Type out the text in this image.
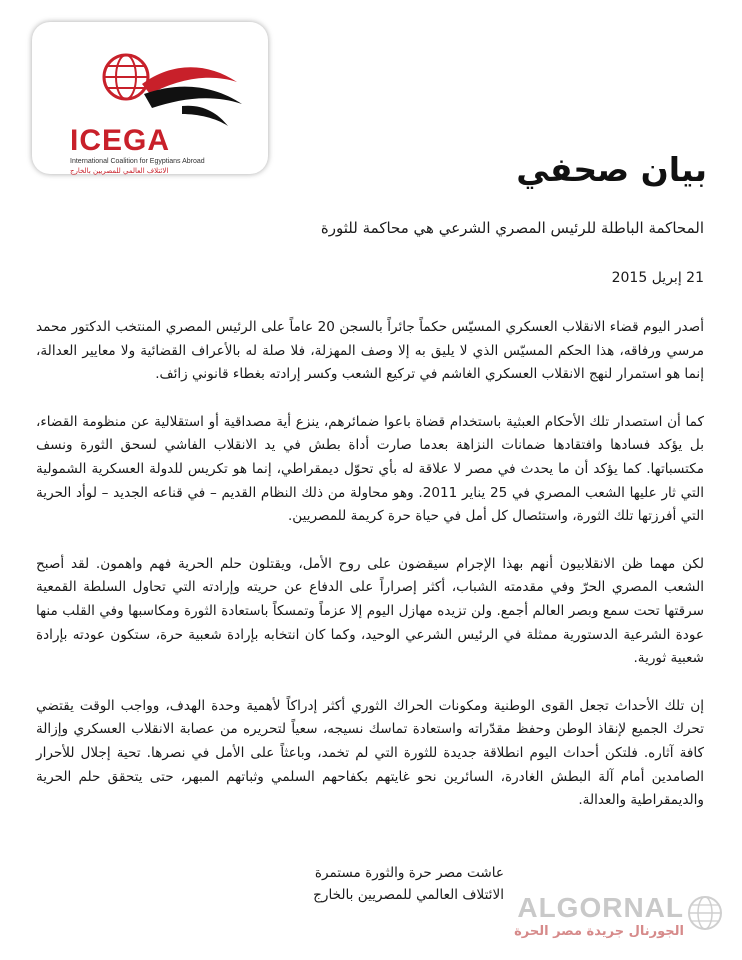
ICEGA
International Coalition for Egyptians Abroad
الائتلاف العالمي للمصريين بالخارج	بيان صحفي
المحاكمة الباطلة للرئيس المصري الشرعي هي محاكمة للثورة
21 إبريل 2015

أصدر اليوم قضاء الانقلاب العسكري المسيّس حكماً جائراً بالسجن 20 عاماً على الرئيس المصري المنتخب الدكتور محمد مرسي ورفاقه، هذا الحكم المسيّس الذي لا يليق به إلا وصف المهزلة، فلا صلة له بالأعراف القضائية ولا معايير العدالة، إنما هو استمرار لنهج الانقلاب العسكري الغاشم في تركيع الشعب وكسر إرادته بغطاء قانوني زائف.

كما أن استصدار تلك الأحكام العبثية باستخدام قضاة باعوا ضمائرهم، ينزع أية مصداقية أو استقلالية عن منظومة القضاء، بل يؤكد فسادها وافتقادها ضمانات النزاهة بعدما صارت أداة بطش في يد الانقلاب الفاشي لسحق الثورة ونسف مكتسباتها. كما يؤكد أن ما يحدث في مصر لا علاقة له بأي تحوّل ديمقراطي، إنما هو تكريس للدولة العسكرية الشمولية التي ثار عليها الشعب المصري في 25 يناير 2011. وهو محاولة من ذلك النظام القديم – في قناعه الجديد – لوأد الحرية التي أفرزتها تلك الثورة، واستئصال كل أمل في حياة حرة كريمة للمصريين.

لكن مهما ظن الانقلابيون أنهم بهذا الإجرام سيقضون على روح الأمل، ويقتلون حلم الحرية فهم واهمون. لقد أصبح الشعب المصري الحرّ وفي مقدمته الشباب، أكثر إصراراً على الدفاع عن حريته وإرادته التي تحاول السلطة القمعية سرقتها تحت سمع وبصر العالم أجمع. ولن تزيده مهازل اليوم إلا عزماً وتمسكاً باستعادة الثورة ومكاسبها وفي القلب منها عودة الشرعية الدستورية ممثلة في الرئيس الشرعي الوحيد، وكما كان انتخابه بإرادة شعبية حرة، ستكون عودته بإرادة شعبية ثورية.

إن تلك الأحداث تجعل القوى الوطنية ومكونات الحراك الثوري أكثر إدراكاً لأهمية وحدة الهدف، وواجب الوقت يقتضي تحرك الجميع لإنقاذ الوطن وحفظ مقدّراته واستعادة تماسك نسيجه، سعياً لتحريره من عصابة الانقلاب العسكري وإزالة كافة آثاره. فلتكن أحداث اليوم انطلاقة جديدة للثورة التي لم تخمد، وباعثاً على الأمل في نصرها. تحية إجلال للأحرار الصامدين أمام آلة البطش الغادرة، السائرين نحو غايتهم بكفاحهم السلمي وثباتهم المبهر، حتى يتحقق حلم الحرية والديمقراطية والعدالة.

عاشت مصر حرة والثورة مستمرة
الائتلاف العالمي للمصريين بالخارج ALGORNAL
الجورنال جريدة مصر الحرة
